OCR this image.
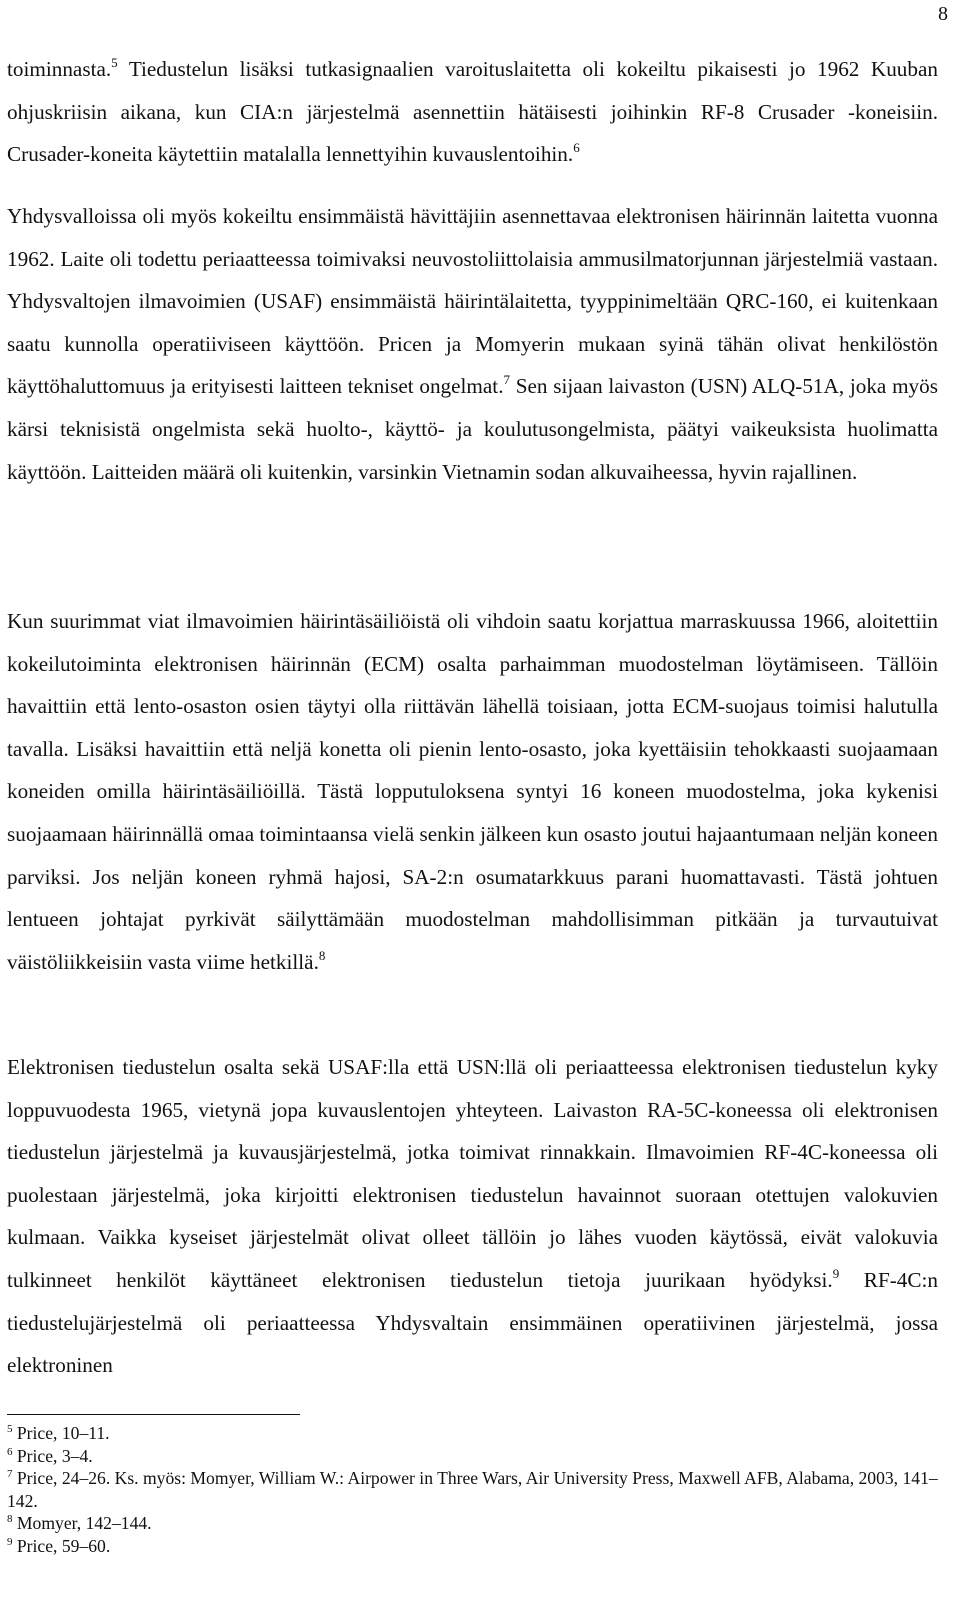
8

toiminnasta.$^5$ Tiedustelun lisäksi tutkasignaalien varoituslaitetta oli kokeiltu pikaisesti jo 1962 Kuuban ohjuskriisin aikana, kun CIA:n järjestelmä asennettiin hätäisesti joihinkin RF-8 Crusader -koneisiin. Crusader-koneita käytettiin matalalla lennettyihin kuvauslentoihin.$^6$

Yhdysvalloissa oli myös kokeiltu ensimmäistä hävittäjiin asennettavaa elektronisen häirinnän laitetta vuonna 1962. Laite oli todettu periaatteessa toimivaksi neuvostoliittolaisia ammusilmatorjunnan järjestelmiä vastaan. Yhdysvaltojen ilmavoimien (USAF) ensimmäistä häirintälaitetta, tyyppinimeltään QRC-160, ei kuitenkaan saatu kunnolla operatiiviseen käyttöön. Pricen ja Momyerin mukaan syinä tähän olivat henkilöstön käyttöhaluttomuus ja erityisesti laitteen tekniset ongelmat.$^7$ Sen sijaan laivaston (USN) ALQ-51A, joka myös kärsi teknisistä ongelmista sekä huolto-, käyttö- ja koulutusongelmista, päätyi vaikeuksista huolimatta käyttöön. Laitteiden määrä oli kuitenkin, varsinkin Vietnamin sodan alkuvaiheessa, hyvin rajallinen.

Kun suurimmat viat ilmavoimien häirintäsäiliöistä oli vihdoin saatu korjattua marraskuussa 1966, aloitettiin kokeilutoiminta elektronisen häirinnän (ECM) osalta parhaimman muodostelman löytämiseen. Tällöin havaittiin että lento-osaston osien täytyi olla riittävän lähellä toisiaan, jotta ECM-suojaus toimisi halutulla tavalla. Lisäksi havaittiin että neljä konetta oli pienin lento-osasto, joka kyettäisiin tehokkaasti suojaamaan koneiden omilla häirintäsäiliöillä. Tästä lopputuloksena syntyi 16 koneen muodostelma, joka kykenisi suojaamaan häirinnällä omaa toimintaansa vielä senkin jälkeen kun osasto joutui hajaantumaan neljän koneen parviksi. Jos neljän koneen ryhmä hajosi, SA-2:n osumatarkkuus parani huomattavasti. Tästä johtuen lentueen johtajat pyrkivät säilyttämään muodostelman mahdollisimman pitkään ja turvautuivat väistöliikkeisiin vasta viime hetkillä.$^8$

Elektronisen tiedustelun osalta sekä USAF:lla että USN:llä oli periaatteessa elektronisen tiedustelun kyky loppuvuodesta 1965, vietynä jopa kuvauslentojen yhteyteen. Laivaston RA-5C-koneessa oli elektronisen tiedustelun järjestelmä ja kuvausjärjestelmä, jotka toimivat rinnakkain. Ilmavoimien RF-4C-koneessa oli puolestaan järjestelmä, joka kirjoitti elektronisen tiedustelun havainnot suoraan otettujen valokuvien kulmaan. Vaikka kyseiset järjestelmät olivat olleet tällöin jo lähes vuoden käytössä, eivät valokuvia tulkinneet henkilöt käyttäneet elektronisen tiedustelun tietoja juurikaan hyödyksi.$^9$ RF-4C:n tiedustelujärjestelmä oli periaatteessa Yhdysvaltain ensimmäinen operatiivinen järjestelmä, jossa elektroninen

$^5$ Price, 10–11.

$^6$ Price, 3–4.

$^7$ Price, 24–26. Ks. myös: Momyer, William W.: Airpower in Three Wars, Air University Press, Maxwell AFB, Alabama, 2003, 141–142.

$^8$ Momyer, 142–144.

$^9$ Price, 59–60.
